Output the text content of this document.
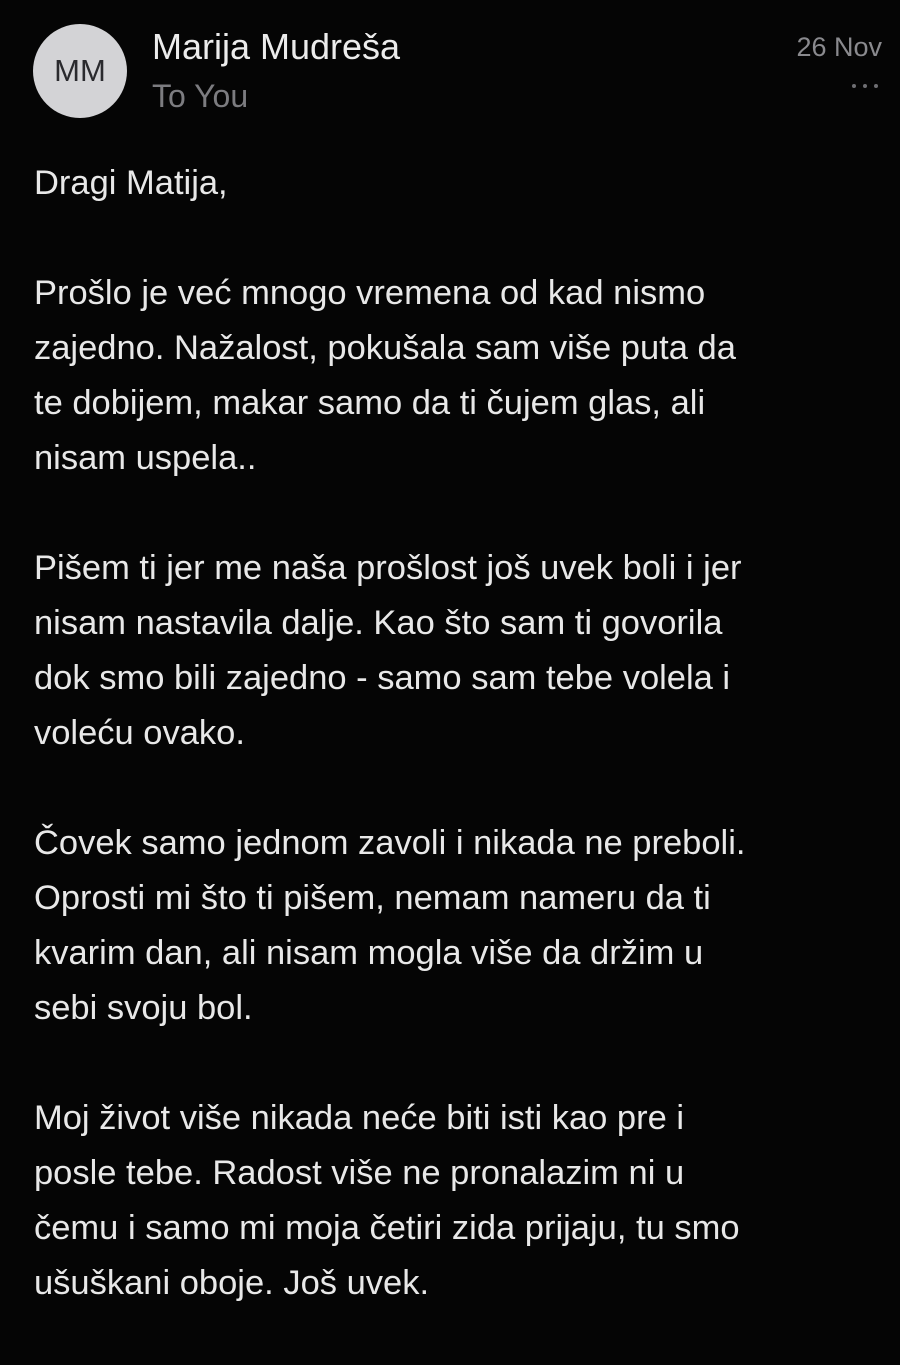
MM
Marija Mudreša
To You
26 Nov

Dragi Matija,

Prošlo je već mnogo vremena od kad nismo
zajedno. Nažalost, pokušala sam više puta da
te dobijem, makar samo da ti čujem glas, ali
nisam uspela..

Pišem ti jer me naša prošlost još uvek boli i jer
nisam nastavila dalje. Kao što sam ti govorila
dok smo bili zajedno - samo sam tebe volela i
voleću ovako.

Čovek samo jednom zavoli i nikada ne preboli.
Oprosti mi što ti pišem, nemam nameru da ti
kvarim dan, ali nisam mogla više da držim u
sebi svoju bol.

Moj život više nikada neće biti isti kao pre i
posle tebe. Radost više ne pronalazim ni u
čemu i samo mi moja četiri zida prijaju, tu smo
ušuškani oboje. Još uvek.
